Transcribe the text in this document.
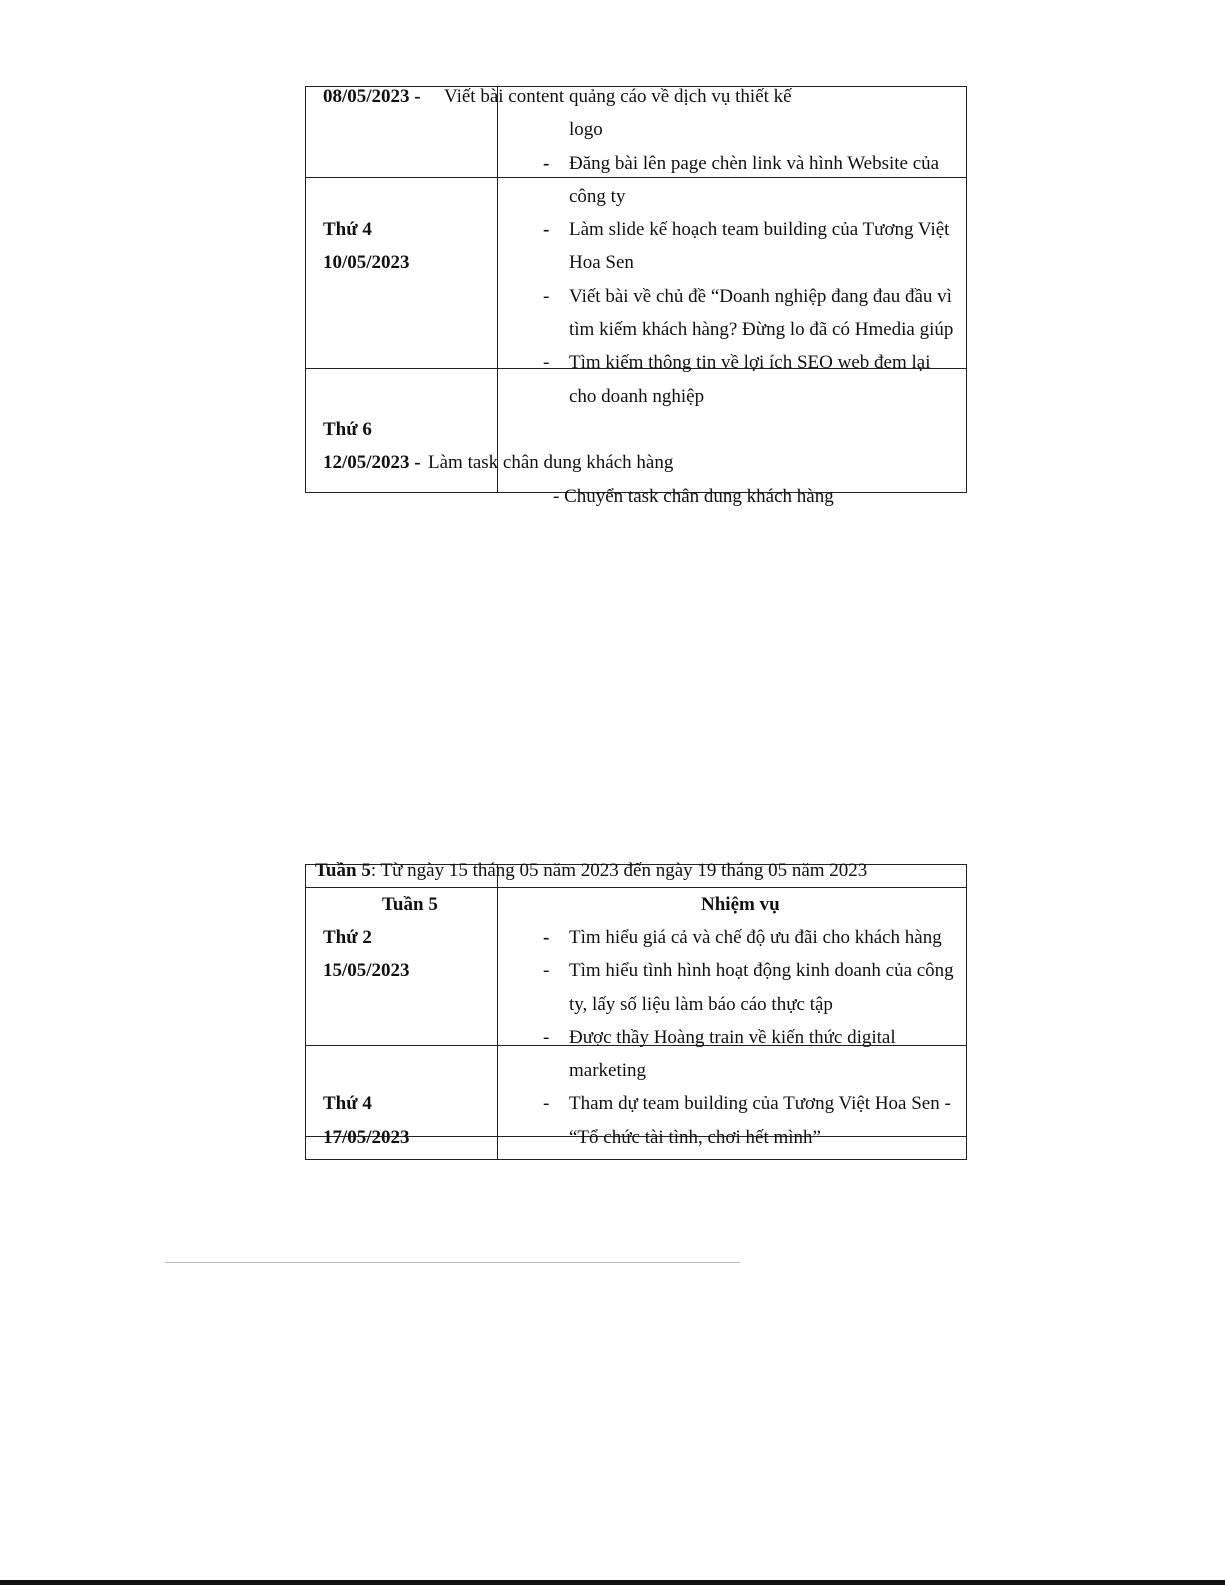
08/05/2023 - Viết bài content quảng cáo về dịch vụ thiết kế
logo
- Đăng bài lên page chèn link và hình Website của
Thứ 4
10/05/2023
công ty
- Làm slide kế hoạch team building của Tương Việt
Hoa Sen
- Viết bài về chủ đề “Doanh nghiệp đang đau đầu vì
tìm kiếm khách hàng? Đừng lo đã có Hmedia giúp
- Tìm kiếm thông tin về lợi ích SEO web đem lại
cho doanh nghiệp
Thứ 6
12/05/2023 - Làm task chân dung khách hàng
- Chuyển task chân dung khách hàng
Tuần 5: Từ ngày 15 tháng 05 năm 2023 đến ngày 19 tháng 05 năm 2023
Tuần 5	Nhiệm vụ
Thứ 2
15/05/2023
- Tìm hiểu giá cả và chế độ ưu đãi cho khách hàng
- Tìm hiểu tình hình hoạt động kinh doanh của công
ty, lấy số liệu làm báo cáo thực tập
- Được thầy Hoàng train về kiến thức digital
Thứ 4
17/05/2023
marketing
- Tham dự team building của Tương Việt Hoa Sen -
“Tổ chức tài tình, chơi hết mình”
